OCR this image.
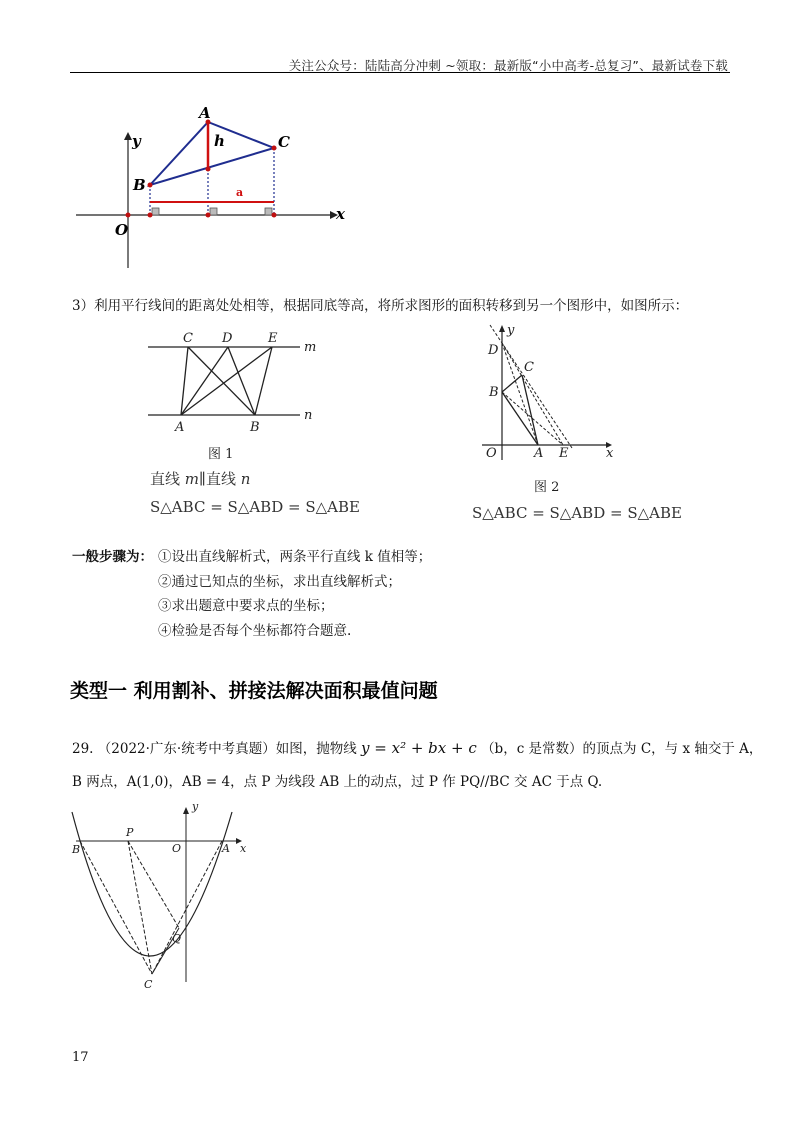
关注公众号：陆陆高分冲刺 ~领取：最新版“小中高考-总复习”、最新试卷下载
A
B
C
h
a
O
x
y
3）利用平行线间的距离处处相等，根据同底等高，将所求图形的面积转移到另一个图形中，如图所示：
C D	E
m
A	B
n
图 1
直线 m∥直线 n
S△ABC = S△ABD = S△ABE
y
D
C
B
O	A E	x
图 2
S△ABC = S△ABD = S△ABE
一般步骤为： ①设出直线解析式，两条平行直线 k 值相等；
②通过已知点的坐标，求出直线解析式；
③求出题意中要求点的坐标；
④检验是否每个坐标都符合题意.
类型一 利用割补、拼接法解决面积最值问题
29. （2022·广东·统考中考真题）如图，抛物线 y = x² + bx + c （b，c 是常数）的顶点为 C，与 x 轴交于 A，
B 两点，A(1,0)，AB = 4，点 P 为线段 AB 上的动点，过 P 作 PQ//BC 交 AC 于点 Q.
y
P
O	A x
B
Q
C
17
